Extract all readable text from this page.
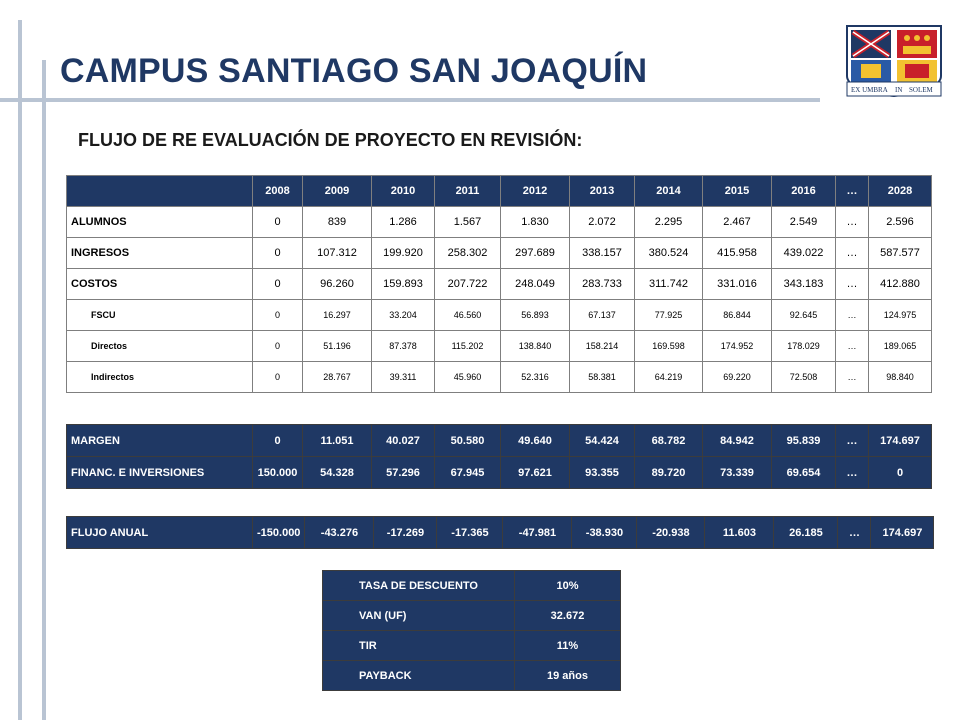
CAMPUS SANTIAGO SAN JOAQUÍN
FLUJO DE RE EVALUACIÓN DE PROYECTO EN REVISIÓN:
EX UMBRA IN SOLEM
	2008	2009	2010	2011	2012	2013	2014	2015	2016	…	2028
ALUMNOS	0	839	1.286	1.567	1.830	2.072	2.295	2.467	2.549	…	2.596
INGRESOS	0	107.312	199.920	258.302	297.689	338.157	380.524	415.958	439.022	…	587.577
COSTOS	0	96.260	159.893	207.722	248.049	283.733	311.742	331.016	343.183	…	412.880
FSCU	0	16.297	33.204	46.560	56.893	67.137	77.925	86.844	92.645	…	124.975
Directos	0	51.196	87.378	115.202	138.840	158.214	169.598	174.952	178.029	…	189.065
Indirectos	0	28.767	39.311	45.960	52.316	58.381	64.219	69.220	72.508	…	98.840
MARGEN	0	11.051	40.027	50.580	49.640	54.424	68.782	84.942	95.839	…	174.697
FINANC. E INVERSIONES	150.000	54.328	57.296	67.945	97.621	93.355	89.720	73.339	69.654	…	0
FLUJO ANUAL	-150.000	-43.276	-17.269	-17.365	-47.981	-38.930	-20.938	11.603	26.185	…	174.697
TASA DE DESCUENTO	10%
VAN (UF)	32.672
TIR	11%
PAYBACK	19 años
